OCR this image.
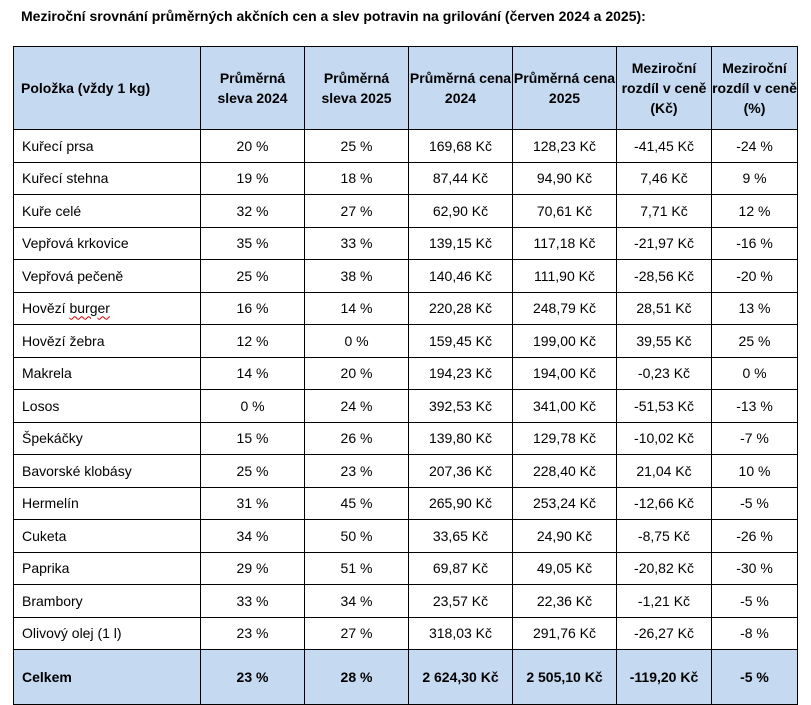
Meziroční srovnání průměrných akčních cen a slev potravin na grilování (červen 2024 a 2025):
Položka (vždy 1 kg)	Průměrná sleva 2024	Průměrná sleva 2025	Průměrná cena 2024	Průměrná cena 2025	Meziroční rozdíl v ceně (Kč)	Meziroční rozdíl v ceně (%)
Kuřecí prsa	20 %	25 %	169,68 Kč	128,23 Kč	-41,45 Kč	-24 %
Kuřecí stehna	19 %	18 %	87,44 Kč	94,90 Kč	7,46 Kč	9 %
Kuře celé	32 %	27 %	62,90 Kč	70,61 Kč	7,71 Kč	12 %
Vepřová krkovice	35 %	33 %	139,15 Kč	117,18 Kč	-21,97 Kč	-16 %
Vepřová pečeně	25 %	38 %	140,46 Kč	111,90 Kč	-28,56 Kč	-20 %
Hovězí burger	16 %	14 %	220,28 Kč	248,79 Kč	28,51 Kč	13 %
Hovězí žebra	12 %	0 %	159,45 Kč	199,00 Kč	39,55 Kč	25 %
Makrela	14 %	20 %	194,23 Kč	194,00 Kč	-0,23 Kč	0 %
Losos	0 %	24 %	392,53 Kč	341,00 Kč	-51,53 Kč	-13 %
Špekáčky	15 %	26 %	139,80 Kč	129,78 Kč	-10,02 Kč	-7 %
Bavorské klobásy	25 %	23 %	207,36 Kč	228,40 Kč	21,04 Kč	10 %
Hermelín	31 %	45 %	265,90 Kč	253,24 Kč	-12,66 Kč	-5 %
Cuketa	34 %	50 %	33,65 Kč	24,90 Kč	-8,75 Kč	-26 %
Paprika	29 %	51 %	69,87 Kč	49,05 Kč	-20,82 Kč	-30 %
Brambory	33 %	34 %	23,57 Kč	22,36 Kč	-1,21 Kč	-5 %
Olivový olej (1 l)	23 %	27 %	318,03 Kč	291,76 Kč	-26,27 Kč	-8 %
Celkem	23 %	28 %	2 624,30 Kč	2 505,10 Kč	-119,20 Kč	-5 %
